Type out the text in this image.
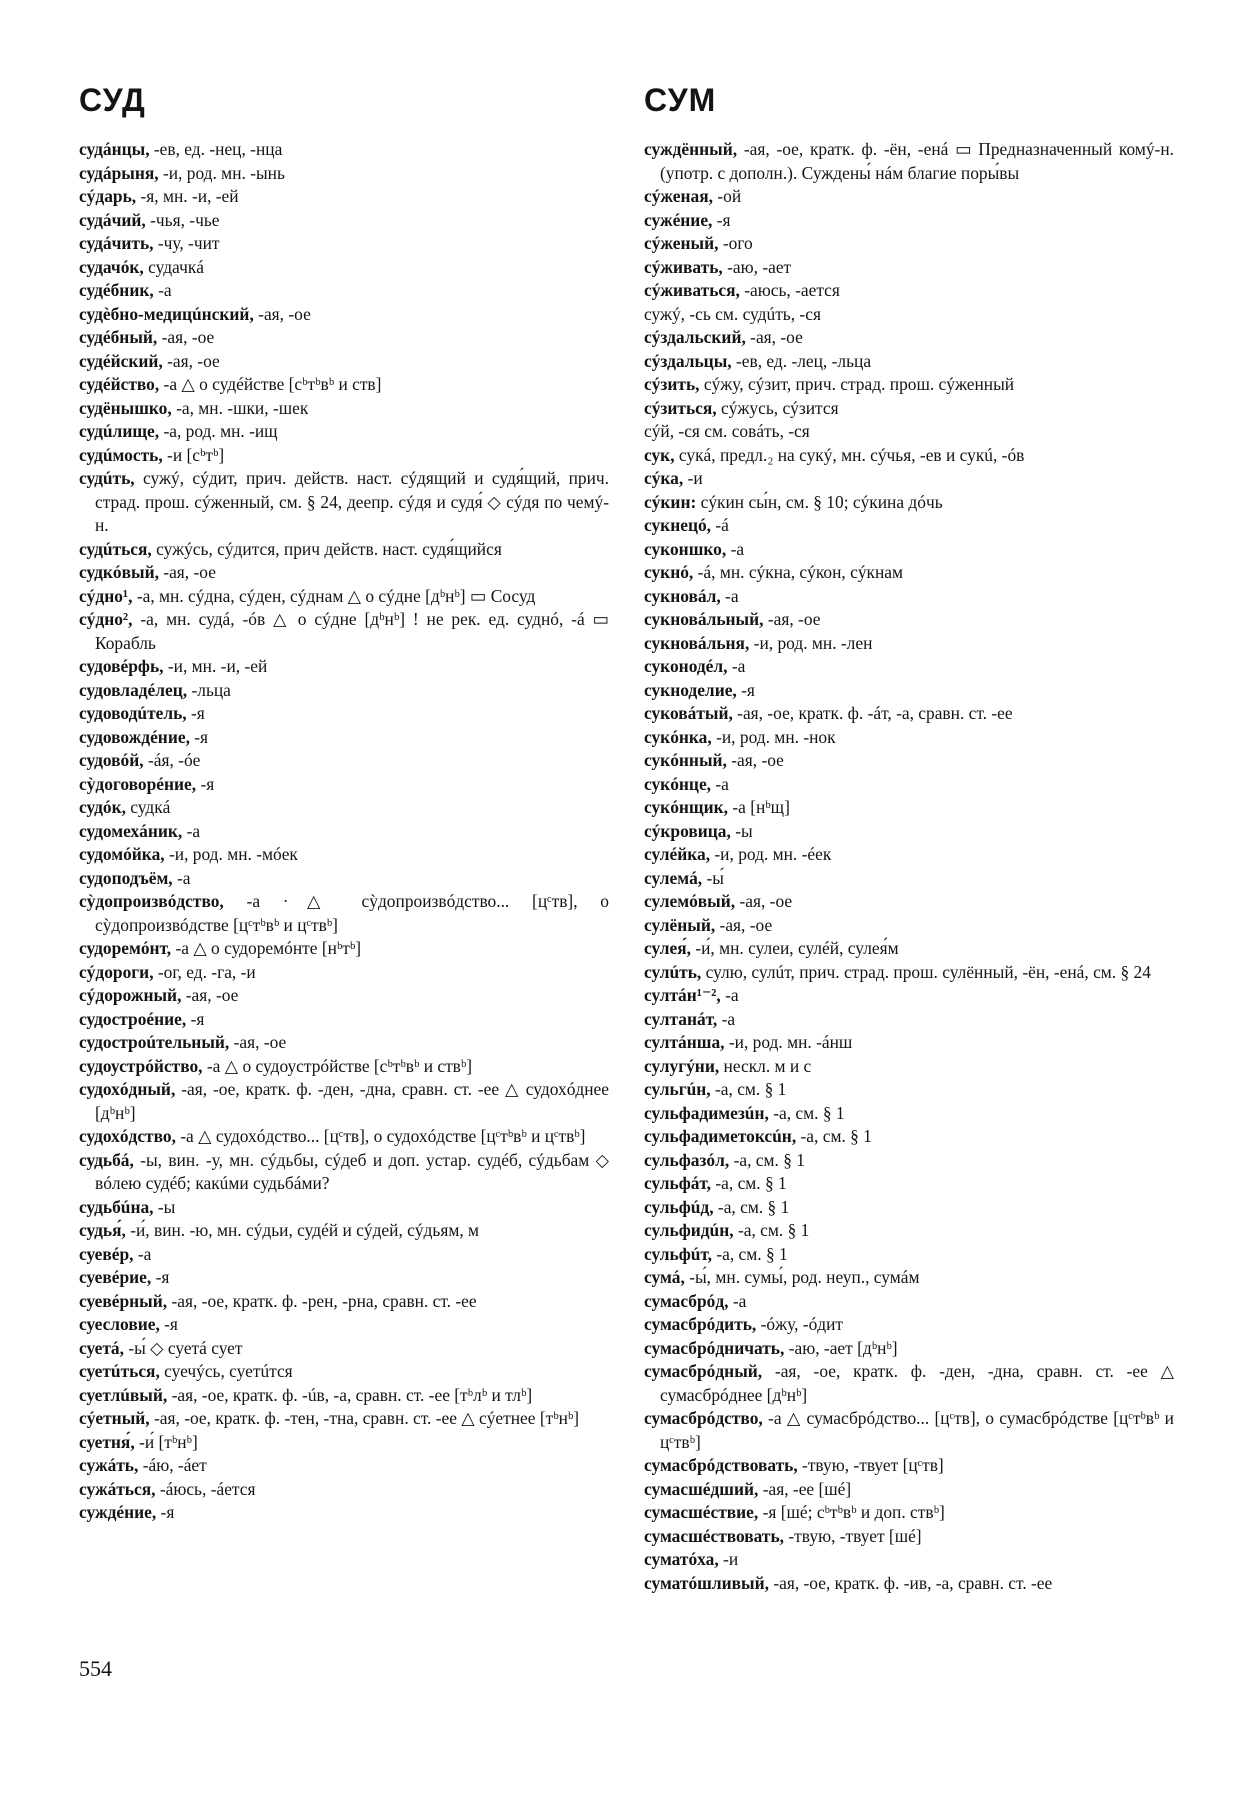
СУД	СУМ

судáнцы, -ев, ед. -нец, -нца

судáрыня, -и, род. мн. -ынь

сýдарь, -я, мн. -и, -ей

судáчий, -чья, -чье

судáчить, -чу, -чит

судачóк, судачкá

судéбник, -а

судèбно-медицúнский, -ая, -ое

судéбный, -ая, -ое

судéйский, -ая, -ое

судéйство, -а △ о судéйстве [сᵇтᵇвᵇ и ств]

судёнышко, -а, мн. -шки, -шек

судúлище, -а, род. мн. -ищ

судúмость, -и [сᵇтᵇ]

судúть, сужý, сýдит, прич. действ. наст. сýдящий и судя́щий, прич. страд. прош. сýженный, см. § 24, деепр. сýдя и судя́ ◇ сýдя по чемý-н.

судúться, сужýсь, сýдится, прич действ. наст. судя́щийся

судкóвый, -ая, -ое

сýдно¹, -а, мн. сýдна, сýден, сýднам △ о сýдне [дᵇнᵇ] ▭ Сосуд

сýдно², -а, мн. судá, -óв △ о сýдне [дᵇнᵇ] ! не рек. ед. суднó, -á ▭ Корабль

судовéрфь, -и, мн. -и, -ей

судовладéлец, -льца

судоводúтель, -я

судовождéние, -я

судовóй, -áя, -óе

сỳдоговорéние, -я

судóк, судкá

судомехáник, -а

судомóйка, -и, род. мн. -мóек

судоподъём, -а

сỳдопроизвóдство, -а ·△ сỳдопроизвóдство... [цᶜтв], о сỳдопроизвóдстве [цᶜтᵇвᵇ и цᶜтвᵇ]

судоремóнт, -а △ о судоремóнте [нᵇтᵇ]

сýдороги, -ог, ед. -га, -и

сýдорожный, -ая, -ое

судостроéние, -я

судостроúтельный, -ая, -ое

судоустрóйство, -а △ о судоустрóйстве [сᵇтᵇвᵇ и ствᵇ]

судохóдный, -ая, -ое, кратк. ф. -ден, -дна, сравн. ст. -ее △ судохóднее [дᵇнᵇ]

судохóдство, -а △ судохóдство... [цᶜтв], о судохóдстве [цᶜтᵇвᵇ и цᶜтвᵇ]

судьбá, -ы, вин. -у, мн. сýдьбы, сýдеб и доп. устар. судéб, сýдьбам ◇ вóлею судéб; какúми судьбáми?

судьбúна, -ы

судья́, -и́, вин. -ю, мн. сýдьи, судéй и сýдей, сýдьям, м

суевéр, -а

суевéрие, -я

суевéрный, -ая, -ое, кратк. ф. -рен, -рна, сравн. ст. -ее

суесловие, -я

суетá, -ы́ ◇ суетá сует

суетúться, суечýсь, суетúтся

суетлúвый, -ая, -ое, кратк. ф. -úв, -а, сравн. ст. -ее [тᵇлᵇ и тлᵇ]

сýетный, -ая, -ое, кратк. ф. -тен, -тна, сравн. ст. -ее △ сýетнее [тᵇнᵇ]

суетня́, -и́ [тᵇнᵇ]

сужáть, -áю, -áет

сужáться, -áюсь, -áется

суждéние, -я

суждённый, -ая, -ое, кратк. ф. -ён, -енá ▭ Предназначенный комý-н. (употр. с дополн.). Суждены́ нáм благие поры́вы

сýженая, -ой

сужéние, -я

сýженый, -ого

сýживать, -аю, -ает

сýживаться, -аюсь, -ается

сужý, -сь см. судúть, -ся

сýздальский, -ая, -ое

сýздальцы, -ев, ед. -лец, -льца

сýзить, сýжу, сýзит, прич. страд. прош. сýженный

сýзиться, сýжусь, сýзится

сýй, -ся см. совáть, -ся

сук, сукá, предл.₂ на сукý, мн. сýчья, -ев и сукú, -óв

сýка, -и

сýкин: сýкин сы́н, см. § 10; сýкина дóчь

сукнецó, -á

суконшко, -а

сукнó, -á, мн. сýкна, сýкон, сýкнам

сукновáл, -а

сукновáльный, -ая, -ое

сукновáльня, -и, род. мн. -лен

суконодéл, -а

сукноделие, -я

суковáтый, -ая, -ое, кратк. ф. -áт, -а, сравн. ст. -ее

сукóнка, -и, род. мн. -нок

сукóнный, -ая, -ое

сукóнце, -а

сукóнщик, -а [нᵇщ]

сýкровица, -ы

сулéйка, -и, род. мн. -éек

сулемá, -ы́

сулемóвый, -ая, -ое

сулёный, -ая, -ое

сулея́, -и́, мн. сулеи, сулéй, сулея́м

сулúть, сулю, сулúт, прич. страд. прош. сулённый, -ён, -енá, см. § 24

султáн¹⁻², -а

султанáт, -а

султáнша, -и, род. мн. -áнш

сулугýни, нескл. м и с

сульгúн, -а, см. § 1

сульфадимезúн, -а, см. § 1

сульфадиметоксúн, -а, см. § 1

сульфазóл, -а, см. § 1

сульфáт, -а, см. § 1

сульфúд, -а, см. § 1

сульфидúн, -а, см. § 1

сульфúт, -а, см. § 1

сумá, -ы́, мн. сумы́, род. неуп., сумáм

сумасбрóд, -а

сумасбрóдить, -óжу, -óдит

сумасбрóдничать, -аю, -ает [дᵇнᵇ]

сумасбрóдный, -ая, -ое, кратк. ф. -ден, -дна, сравн. ст. -ее △ сумасбрóднее [дᵇнᵇ]

сумасбрóдство, -а △ сумасбрóдство... [цᶜтв], о сумасбрóдстве [цᶜтᵇвᵇ и цᶜтвᵇ]

сумасбрóдствовать, -твую, -твует [цᶜтв]

сумасшéдший, -ая, -ее [шé]

сумасшéствие, -я [шé; сᵇтᵇвᵇ и доп. ствᵇ]

сумасшéствовать, -твую, -твует [шé]

суматóха, -и

суматóшливый, -ая, -ое, кратк. ф. -ив, -а, сравн. ст. -ее

554
